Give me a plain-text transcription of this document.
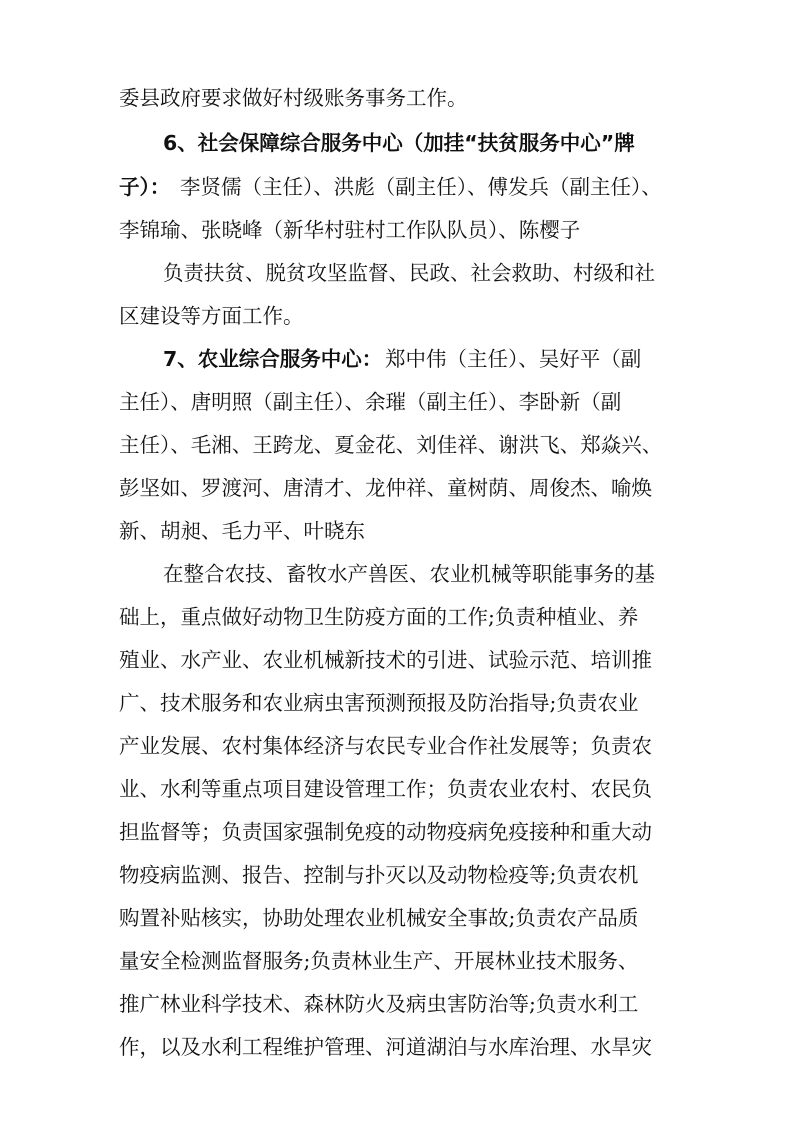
委县政府要求做好村级账务事务工作。
6、社会保障综合服务中心（加挂“扶贫服务中心”牌
子）： 李贤儒（主任）、洪彪（副主任）、傅发兵（副主任）、
李锦瑜、张晓峰（新华村驻村工作队队员）、陈樱子
负责扶贫、脱贫攻坚监督、民政、社会救助、村级和社
区建设等方面工作。
7、农业综合服务中心： 郑中伟（主任）、吴好平（副
主任）、唐明照（副主任）、余璀（副主任）、李卧新（副
主任）、毛湘、王跨龙、夏金花、刘佳祥、谢洪飞、郑焱兴、
彭坚如、罗渡河、唐清才、龙仲祥、童树荫、周俊杰、喻焕
新、胡昶、毛力平、叶晓东
在整合农技、畜牧水产兽医、农业机械等职能事务的基
础上，重点做好动物卫生防疫方面的工作;负责种植业、养
殖业、水产业、农业机械新技术的引进、试验示范、培训推
广、技术服务和农业病虫害预测预报及防治指导;负责农业
产业发展、农村集体经济与农民专业合作社发展等；负责农
业、水利等重点项目建设管理工作；负责农业农村、农民负
担监督等；负责国家强制免疫的动物疫病免疫接种和重大动
物疫病监测、报告、控制与扑灭以及动物检疫等;负责农机
购置补贴核实，协助处理农业机械安全事故;负责农产品质
量安全检测监督服务;负责林业生产、开展林业技术服务、
推广林业科学技术、森林防火及病虫害防治等;负责水利工
作，以及水利工程维护管理、河道湖泊与水库治理、水旱灾
